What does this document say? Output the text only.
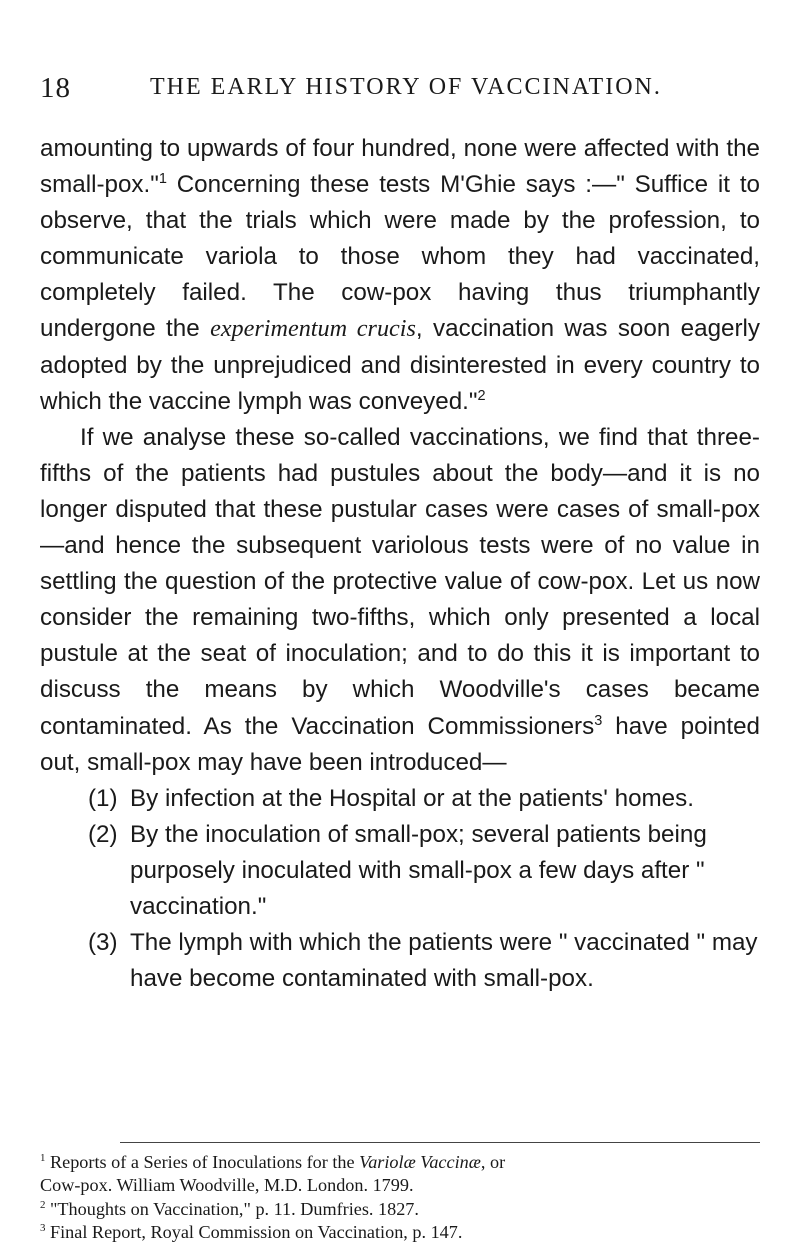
18	THE EARLY HISTORY OF VACCINATION.

amounting to upwards of four hundred, none were affected with the small-pox."$^1$ Concerning these tests M'Ghie says :—" Suffice it to observe, that the trials which were made by the profession, to communicate variola to those whom they had vaccinated, completely failed. The cow-pox having thus triumphantly undergone the experimentum crucis, vaccination was soon eagerly adopted by the unprejudiced and disinterested in every country to which the vaccine lymph was conveyed."$^2$

If we analyse these so-called vaccinations, we find that three-fifths of the patients had pustules about the body—and it is no longer disputed that these pustular cases were cases of small-pox—and hence the subsequent variolous tests were of no value in settling the question of the protective value of cow-pox. Let us now consider the remaining two-fifths, which only presented a local pustule at the seat of inoculation; and to do this it is important to discuss the means by which Woodville's cases became contaminated. As the Vaccination Commissioners$^3$ have pointed out, small-pox may have been introduced—

(1) By infection at the Hospital or at the patients' homes.
(2) By the inoculation of small-pox; several patients being purposely inoculated with small-pox a few days after " vaccination."
(3) The lymph with which the patients were " vaccinated " may have become contaminated with small-pox.
$^1$ Reports of a Series of Inoculations for the Variolæ Vaccinæ, or
Cow-pox. William Woodville, M.D. London. 1799.
$^2$ "Thoughts on Vaccination," p. 11. Dumfries. 1827.
$^3$ Final Report, Royal Commission on Vaccination, p. 147.
